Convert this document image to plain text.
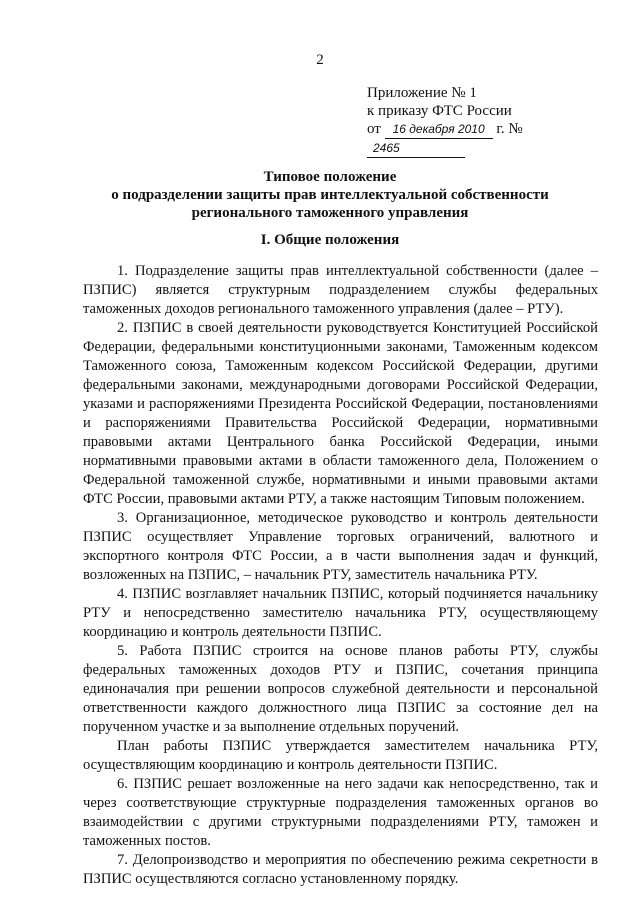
2
Приложение № 1
к приказу ФТС России
от 16 декабря 2010 г. № 2465
Типовое положение
о подразделении защиты прав интеллектуальной собственности
регионального таможенного управления
I. Общие положения

1. Подразделение защиты прав интеллектуальной собственности (далее – ПЗПИС) является структурным подразделением службы федеральных таможенных доходов регионального таможенного управления (далее – РТУ).

2. ПЗПИС в своей деятельности руководствуется Конституцией Российской Федерации, федеральными конституционными законами, Таможенным кодексом Таможенного союза, Таможенным кодексом Российской Федерации, другими федеральными законами, международными договорами Российской Федерации, указами и распоряжениями Президента Российской Федерации, постановлениями и распоряжениями Правительства Российской Федерации, нормативными правовыми актами Центрального банка Российской Федерации, иными нормативными правовыми актами в области таможенного дела, Положением о Федеральной таможенной службе, нормативными и иными правовыми актами ФТС России, правовыми актами РТУ, а также настоящим Типовым положением.

3. Организационное, методическое руководство и контроль деятельности ПЗПИС осуществляет Управление торговых ограничений, валютного и экспортного контроля ФТС России, а в части выполнения задач и функций, возложенных на ПЗПИС, – начальник РТУ, заместитель начальника РТУ.

4. ПЗПИС возглавляет начальник ПЗПИС, который подчиняется начальнику РТУ и непосредственно заместителю начальника РТУ, осуществляющему координацию и контроль деятельности ПЗПИС.

5. Работа ПЗПИС строится на основе планов работы РТУ, службы федеральных таможенных доходов РТУ и ПЗПИС, сочетания принципа единоначалия при решении вопросов служебной деятельности и персональной ответственности каждого должностного лица ПЗПИС за состояние дел на порученном участке и за выполнение отдельных поручений.

План работы ПЗПИС утверждается заместителем начальника РТУ, осуществляющим координацию и контроль деятельности ПЗПИС.

6. ПЗПИС решает возложенные на него задачи как непосредственно, так и через соответствующие структурные подразделения таможенных органов во взаимодействии с другими структурными подразделениями РТУ, таможен и таможенных постов.

7. Делопроизводство и мероприятия по обеспечению режима секретности в ПЗПИС осуществляются согласно установленному порядку.
